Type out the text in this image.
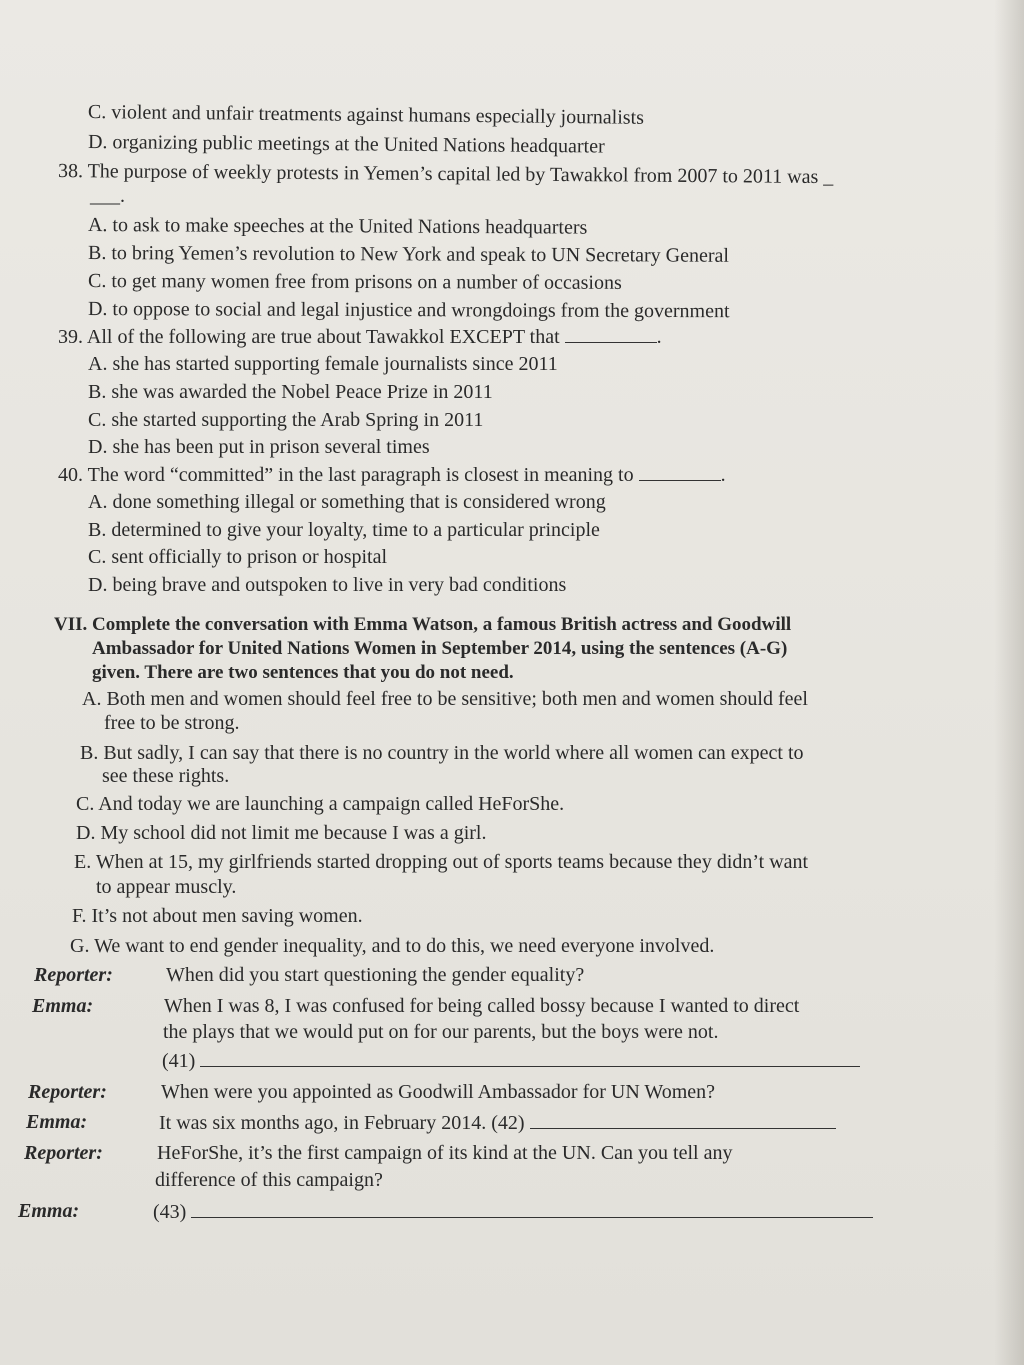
C. violent and unfair treatments against humans especially journalists
D. organizing public meetings at the United Nations headquarter
38. The purpose of weekly protests in Yemen’s capital led by Tawakkol from 2007 to 2011 was _
___.
A. to ask to make speeches at the United Nations headquarters
B. to bring Yemen’s revolution to New York and speak to UN Secretary General
C. to get many women free from prisons on a number of occasions
D. to oppose to social and legal injustice and wrongdoings from the government
39. All of the following are true about Tawakkol EXCEPT that	.
A. she has started supporting female journalists since 2011
B. she was awarded the Nobel Peace Prize in 2011
C. she started supporting the Arab Spring in 2011
D. she has been put in prison several times
40. The word “committed” in the last paragraph is closest in meaning to	.
A. done something illegal or something that is considered wrong
B. determined to give your loyalty, time to a particular principle
C. sent officially to prison or hospital
D. being brave and outspoken to live in very bad conditions
VII. Complete the conversation with Emma Watson, a famous British actress and Goodwill
Ambassador for United Nations Women in September 2014, using the sentences (A-G)
given. There are two sentences that you do not need.
A. Both men and women should feel free to be sensitive; both men and women should feel
free to be strong.
B. But sadly, I can say that there is no country in the world where all women can expect to
see these rights.
C. And today we are launching a campaign called HeForShe.
D. My school did not limit me because I was a girl.
E. When at 15, my girlfriends started dropping out of sports teams because they didn’t want
to appear muscly.
F. It’s not about men saving women.
G. We want to end gender inequality, and to do this, we need everyone involved.
Reporter:	When did you start questioning the gender equality?
Emma:	When I was 8, I was confused for being called bossy because I wanted to direct
the plays that we would put on for our parents, but the boys were not.
(41)
Reporter:	When were you appointed as Goodwill Ambassador for UN Women?
Emma:	It was six months ago, in February 2014. (42)
Reporter:	HeForShe, it’s the first campaign of its kind at the UN. Can you tell any
difference of this campaign?
Emma:	(43)
